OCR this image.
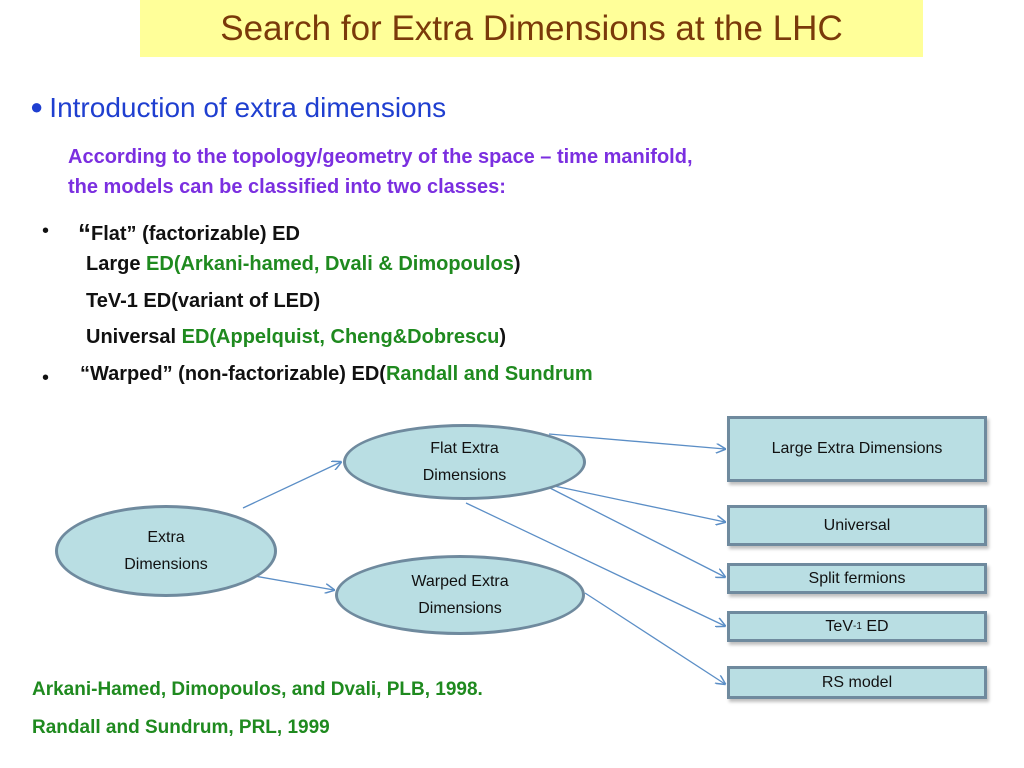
Search for Extra Dimensions at the LHC
● Introduction of extra dimensions
According to the topology/geometry of the space – time manifold,
the models can be classified into two classes:
• “Flat” (factorizable) ED
Large ED(Arkani-hamed, Dvali & Dimopoulos)
TeV-1 ED(variant of LED)
Universal ED(Appelquist, Cheng&Dobrescu)
• “Warped” (non-factorizable) ED(Randall and Sundrum
Extra
Dimensions
Flat Extra
Dimensions
Warped Extra
Dimensions
Large Extra Dimensions
Universal
Split fermions
TeV -1 ED
RS model
Arkani-Hamed, Dimopoulos, and Dvali, PLB, 1998.
Randall and Sundrum, PRL, 1999
